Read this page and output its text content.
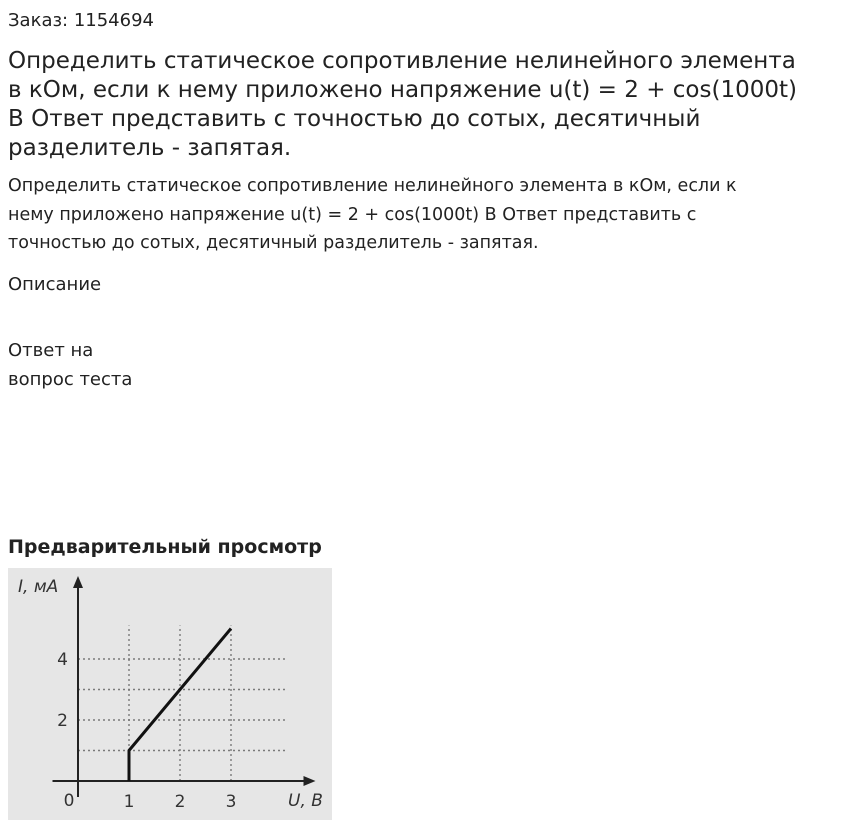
Заказ: 1154694
Определить статическое сопротивление нелинейного элемента
в кОм, если к нему приложено напряжение u(t) = 2 + cos(1000t)
В Ответ представить с точностью до сотых, десятичный
разделитель - запятая.
Определить статическое сопротивление нелинейного элемента в кОм, если к
нему приложено напряжение u(t) = 2 + cos(1000t) В Ответ представить с
точностью до сотых, десятичный разделитель - запятая.
Описание
Ответ на
вопрос теста
Предварительный просмотр
1 2 3
2
4
0	U, В
I, мА
